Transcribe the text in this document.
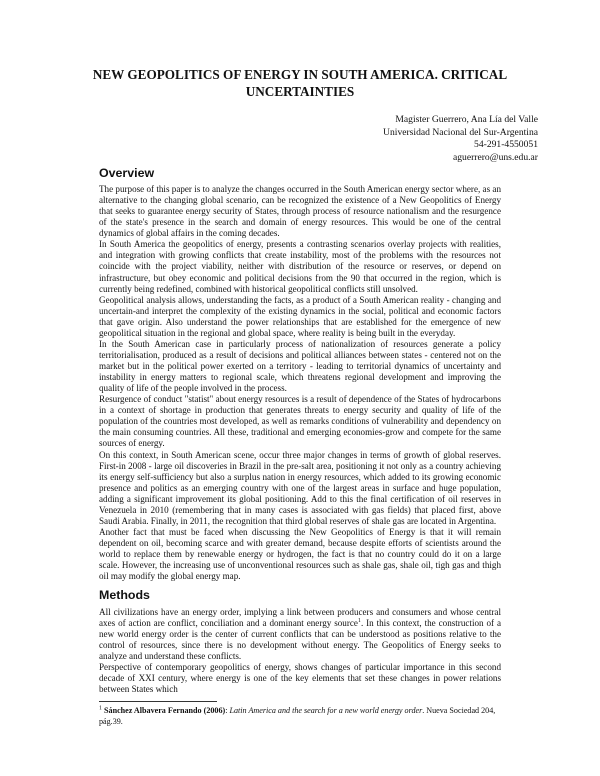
NEW GEOPOLITICS OF ENERGY IN SOUTH AMERICA. CRITICAL UNCERTAINTIES
Magister Guerrero, Ana Lía del Valle
Universidad Nacional del Sur-Argentina
54-291-4550051
aguerrero@uns.edu.ar
Overview

The purpose of this paper is to analyze the changes occurred in the South American energy sector where, as an alternative to the changing global scenario, can be recognized the existence of a New Geopolitics of Energy that seeks to guarantee energy security of States, through process of resource nationalism and the resurgence of the state's presence in the search and domain of energy resources. This would be one of the central dynamics of global affairs in the coming decades.

In South America the geopolitics of energy, presents a contrasting scenarios overlay projects with realities, and integration with growing conflicts that create instability, most of the problems with the resources not coincide with the project viability, neither with distribution of the resource or reserves, or depend on infrastructure, but obey economic and political decisions from the 90 that occurred in the region, which is currently being redefined, combined with historical geopolitical conflicts still unsolved.

Geopolitical analysis allows, understanding the facts, as a product of a South American reality - changing and uncertain-and interpret the complexity of the existing dynamics in the social, political and economic factors that gave origin. Also understand the power relationships that are established for the emergence of new geopolitical situation in the regional and global space, where reality is being built in the everyday.

In the South American case in particularly process of nationalization of resources generate a policy territorialisation, produced as a result of decisions and political alliances between states - centered not on the market but in the political power exerted on a territory - leading to territorial dynamics of uncertainty and instability in energy matters to regional scale, which threatens regional development and improving the quality of life of the people involved in the process.

Resurgence of conduct "statist" about energy resources is a result of dependence of the States of hydrocarbons in a context of shortage in production that generates threats to energy security and quality of life of the population of the countries most developed, as well as remarks conditions of vulnerability and dependency on the main consuming countries. All these, traditional and emerging economies-grow and compete for the same sources of energy.

On this context, in South American scene, occur three major changes in terms of growth of global reserves. First-in 2008 - large oil discoveries in Brazil in the pre-salt area, positioning it not only as a country achieving its energy self-sufficiency but also a surplus nation in energy resources, which added to its growing economic presence and politics as an emerging country with one of the largest areas in surface and huge population, adding a significant improvement its global positioning. Add to this the final certification of oil reserves in Venezuela in 2010 (remembering that in many cases is associated with gas fields) that placed first, above Saudi Arabia. Finally, in 2011, the recognition that third global reserves of shale gas are located in Argentina.

Another fact that must be faced when discussing the New Geopolitics of Energy is that it will remain dependent on oil, becoming scarce and with greater demand, because despite efforts of scientists around the world to replace them by renewable energy or hydrogen, the fact is that no country could do it on a large scale. However, the increasing use of unconventional resources such as shale gas, shale oil, tigh gas and thigh oil may modify the global energy map.

Methods

All civilizations have an energy order, implying a link between producers and consumers and whose central axes of action are conflict, conciliation and a dominant energy source$^1$. In this context, the construction of a new world energy order is the center of current conflicts that can be understood as positions relative to the control of resources, since there is no development without energy. The Geopolitics of Energy seeks to analyze and understand these conflicts.

Perspective of contemporary geopolitics of energy, shows changes of particular importance in this second decade of XXI century, where energy is one of the key elements that set these changes in power relations between States which

$^1$ Sánchez Albavera Fernando (2006): Latin America and the search for a new world energy order. Nueva Sociedad 204, pág.39.
